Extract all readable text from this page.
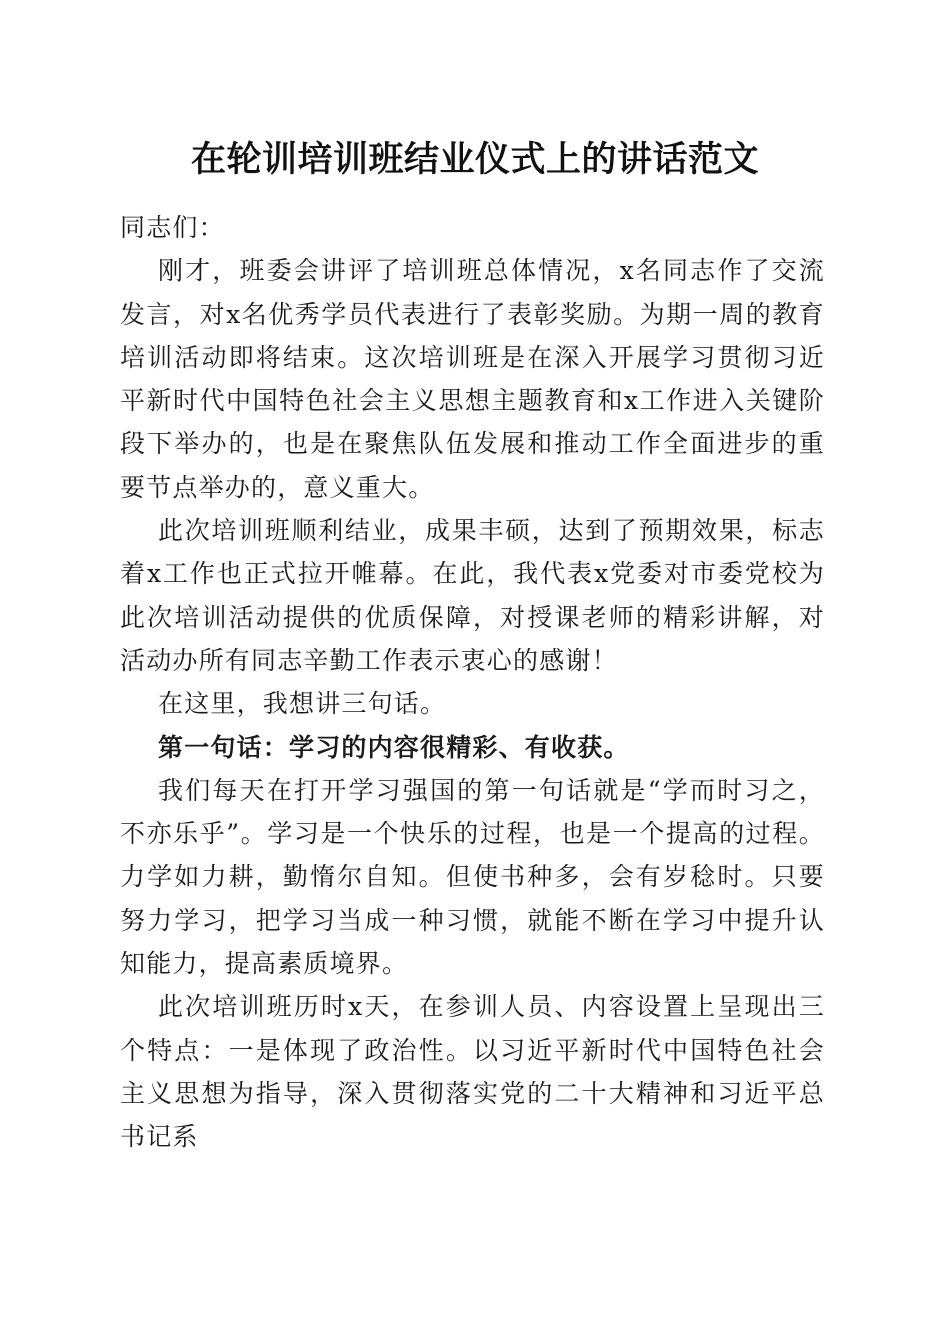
在轮训培训班结业仪式上的讲话范文

同志们：

刚才，班委会讲评了培训班总体情况，x名同志作了交流发言，对x名优秀学员代表进行了表彰奖励。为期一周的教育培训活动即将结束。这次培训班是在深入开展学习贯彻习近平新时代中国特色社会主义思想主题教育和x工作进入关键阶段下举办的，也是在聚焦队伍发展和推动工作全面进步的重要节点举办的，意义重大。

此次培训班顺利结业，成果丰硕，达到了预期效果，标志着x工作也正式拉开帷幕。在此，我代表x党委对市委党校为此次培训活动提供的优质保障，对授课老师的精彩讲解，对活动办所有同志辛勤工作表示衷心的感谢！

在这里，我想讲三句话。

第一句话：学习的内容很精彩、有收获。

我们每天在打开学习强国的第一句话就是“学而时习之，不亦乐乎”。学习是一个快乐的过程，也是一个提高的过程。力学如力耕，勤惰尔自知。但使书种多，会有岁稔时。只要努力学习，把学习当成一种习惯，就能不断在学习中提升认知能力，提高素质境界。

此次培训班历时x天，在参训人员、内容设置上呈现出三个特点：一是体现了政治性。以习近平新时代中国特色社会主义思想为指导，深入贯彻落实党的二十大精神和习近平总书记系
